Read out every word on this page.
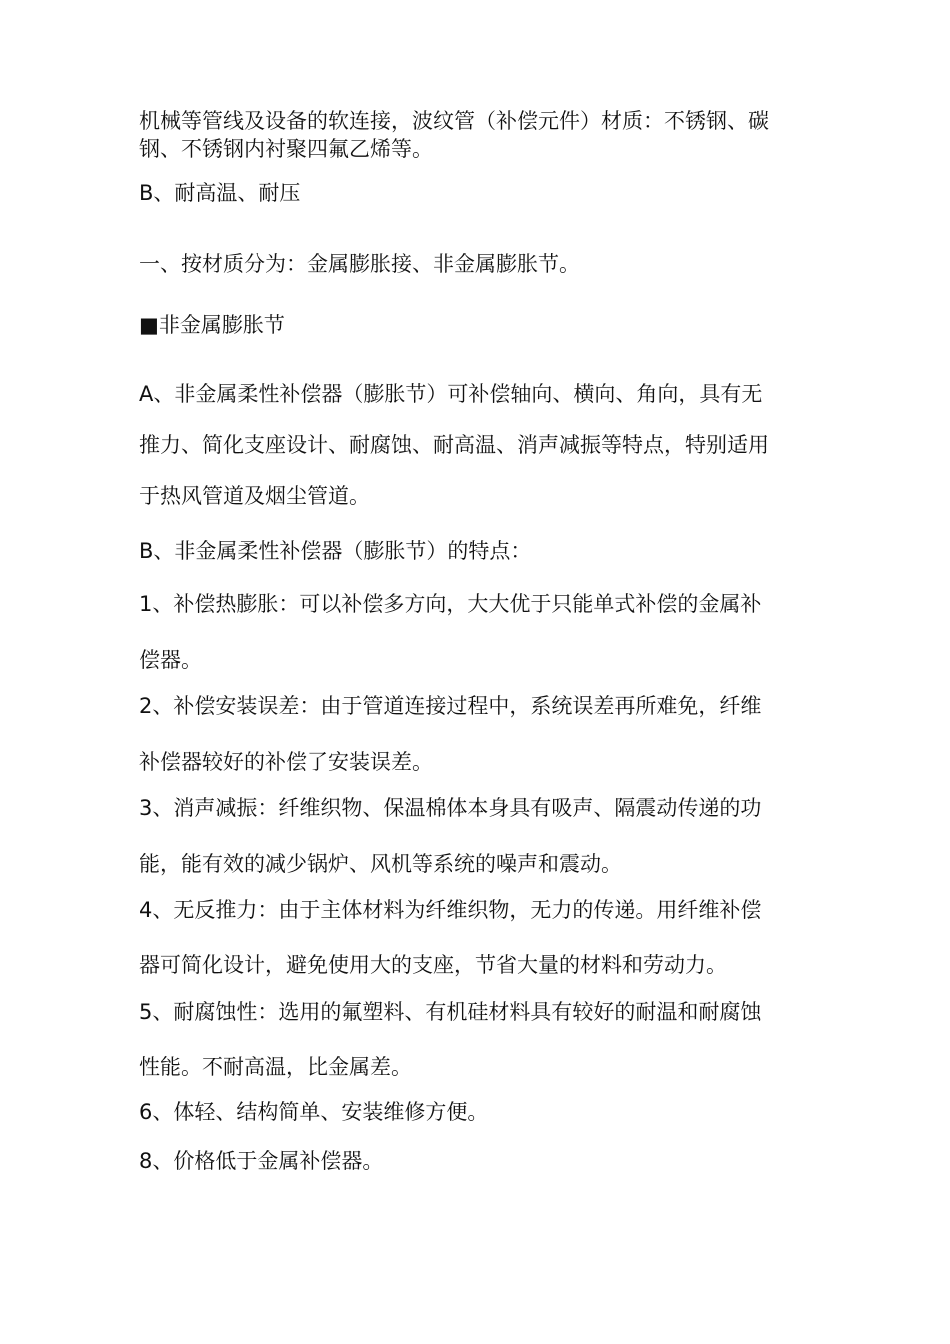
机械等管线及设备的软连接，波纹管（补偿元件）材质：不锈钢、碳
钢、不锈钢内衬聚四氟乙烯等。
B、耐高温、耐压
一、按材质分为：金属膨胀接、非金属膨胀节。
■非金属膨胀节
A、非金属柔性补偿器（膨胀节）可补偿轴向、横向、角向，具有无
推力、简化支座设计、耐腐蚀、耐高温、消声减振等特点，特别适用
于热风管道及烟尘管道。
B、非金属柔性补偿器（膨胀节）的特点：
1、补偿热膨胀：可以补偿多方向，大大优于只能单式补偿的金属补
偿器。
2、补偿安装误差：由于管道连接过程中，系统误差再所难免，纤维
补偿器较好的补偿了安装误差。
3、消声减振：纤维织物、保温棉体本身具有吸声、隔震动传递的功
能，能有效的减少锅炉、风机等系统的噪声和震动。
4、无反推力：由于主体材料为纤维织物，无力的传递。用纤维补偿
器可简化设计，避免使用大的支座，节省大量的材料和劳动力。
5、耐腐蚀性：选用的氟塑料、有机硅材料具有较好的耐温和耐腐蚀
性能。不耐高温，比金属差。
6、体轻、结构简单、安装维修方便。
8、价格低于金属补偿器。
